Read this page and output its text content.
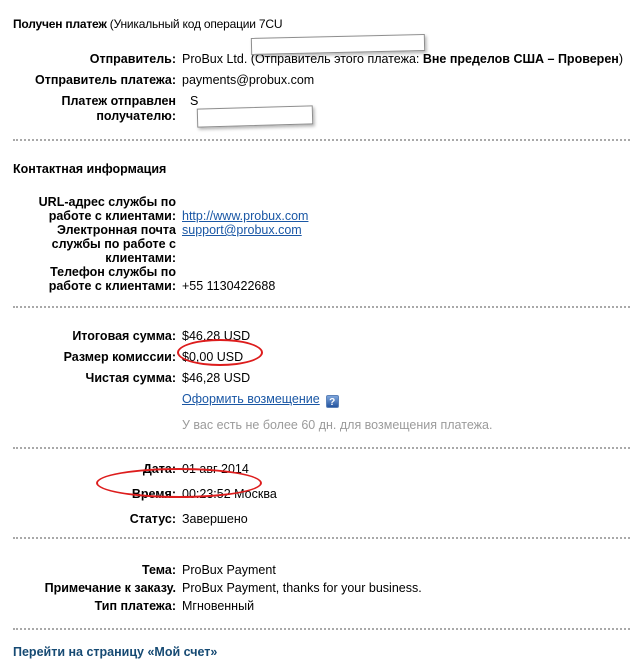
Получен платеж (Уникальный код операции 7CU
Отправитель: ProBux Ltd. (Отправитель этого платежа: Вне пределов США – Проверен)
Отправитель платежа: payments@probux.com
Платеж отправлен
получателю:
S
Контактная информация
URL-адрес службы по
работе с клиентами: http://www.probux.com
Электронная почта
службы по работе с
клиентами:
support@probux.com
Телефон службы по
работе с клиентами: +55 1130422688
Итоговая сумма: $46,28 USD
Размер комиссии: $0,00 USD
Чистая сумма: $46,28 USD
Оформить возмещение ?
У вас есть не более 60 дн. для возмещения платежа.
Дата: 01 авг 2014
Время: 00:23:52 Москва
Статус: Завершено
Тема: ProBux Payment
Примечание к заказу. ProBux Payment, thanks for your business.
Тип платежа: Мгновенный
Перейти на страницу «Мой счет»
